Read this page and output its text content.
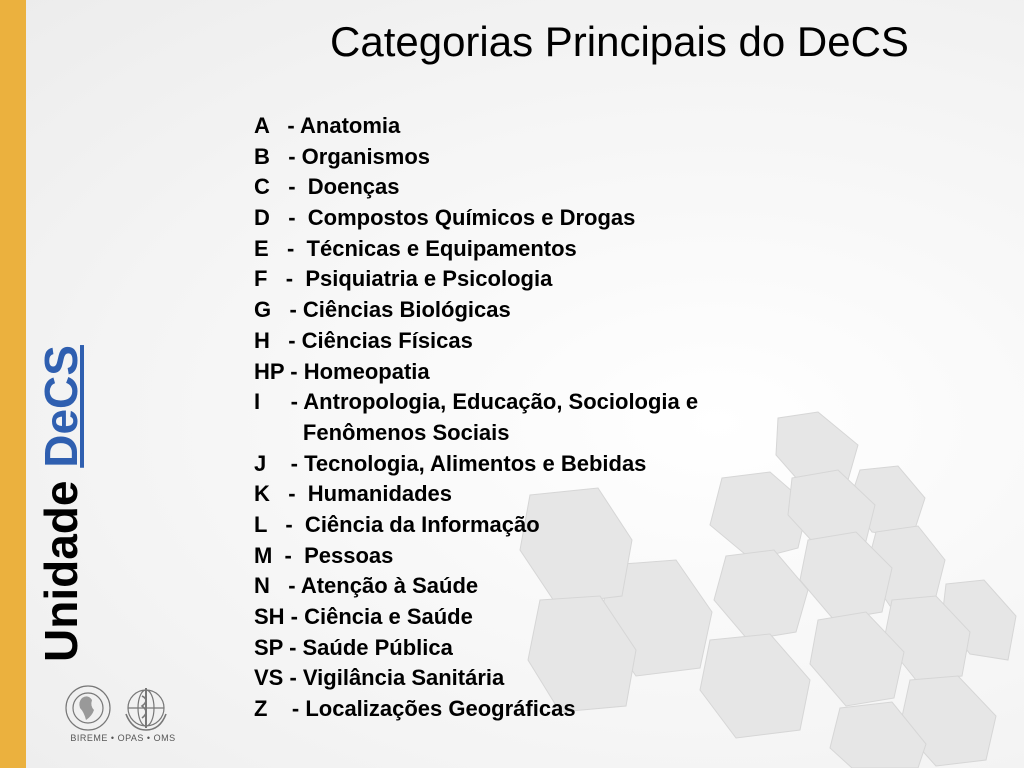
Categorias Principais do DeCS
A   - Anatomia
B   - Organismos
C   -  Doenças
D   -  Compostos Químicos e Drogas
E   -  Técnicas e Equipamentos
F   -  Psiquiatria e Psicologia
G   - Ciências Biológicas
H   - Ciências Físicas
HP - Homeopatia
I     - Antropologia, Educação, Sociologia e
Fenômenos Sociais
J    - Tecnologia, Alimentos e Bebidas
K   -  Humanidades
L   -  Ciência da Informação
M  -  Pessoas
N   - Atenção à Saúde
SH - Ciência e Saúde
SP - Saúde Pública
VS - Vigilância Sanitária
Z    - Localizações Geográficas
Unidade DeCS
BIREME • OPAS • OMS
